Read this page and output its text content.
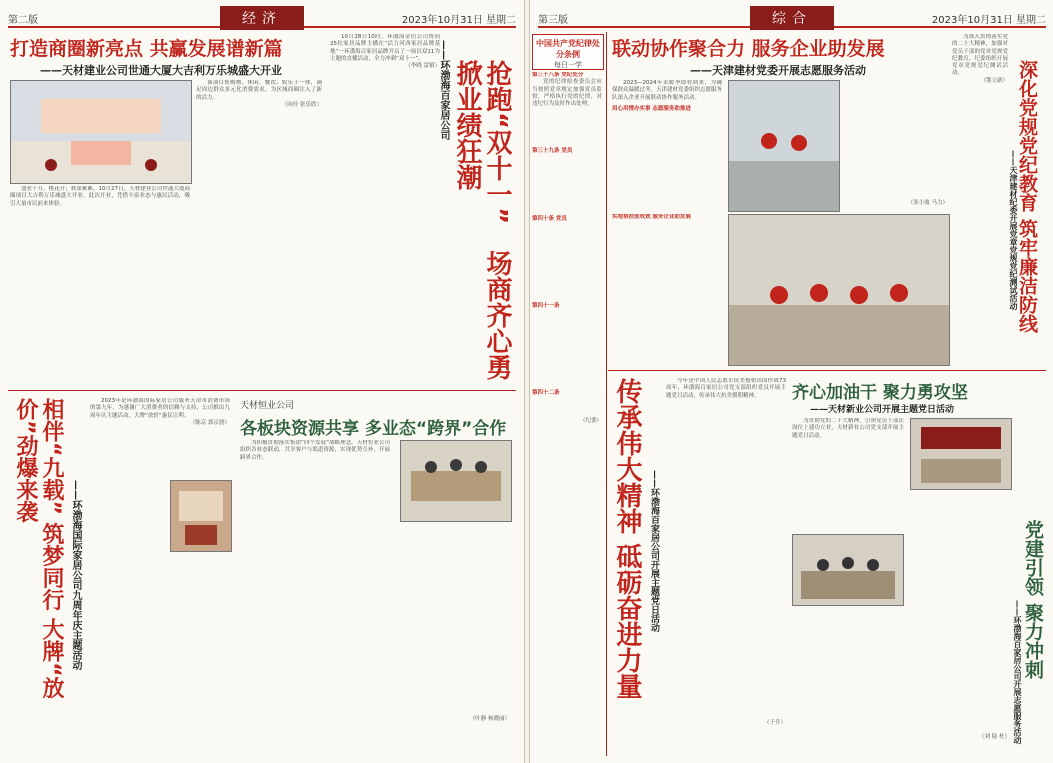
第二版	经济	2023年10月31日 星期二
打造商圈新亮点 共赢发展谱新篇
——天材建业公司世通大厦大吉利万乐城盛大开业
盛业千月，桃花开；秋果累累。10月27日，天材建业公司世通大厦商圈项目大吉利万乐城盛大开业。此次开业，凭借丰富业态与惠民活动，吸引大量市民前来体验。
该项目集购物、休闲、餐饮、娱乐于一体，满足周边群众多元化消费需求，为区域商圈注入了新的活力。
（向玲 张乐欣）
10月28日10时，环渤海金居公司协同25位家居品牌主播在“活力河西家居品牌基地”一环渤海百家居品牌开启了一场以双11为主题的直播活动，全力冲刺“双十一”。
（李晓 雷镇）	抢跑“双十一”　场商齐心勇掀业绩狂潮
——环渤海百家居公司
相伴“九载” 筑梦同行 大牌“放价”劲爆来袭
——环渤海国际家居公司九周年庆主题活动
2023年是环渤海国际家居公司服务天津市消费市场的第九年。为感谢广大消费者的信赖与支持，公司推出九周年庆主题活动，大牌“放价”惠民让利。
（陈京 郭京骁）
天材恒业公司
各板块资源共享 多业态“跨界”合作
为积极贯彻落实集团“四个发展”战略理念，天材恒业公司组织各业态联动，共享客户与渠道资源，实现优势互补，开展跨界合作。
（叶静 杨晓丽）
第三版	综合	2023年10月31日 星期二
中国共产党纪律处分条例
每日一学
第三十八条 党纪处分
党的纪律检查委员会应当按照党章规定加强党员监督，严格执行党的纪律，对违纪行为及时作出处理。
第三十九条 党员
第四十条 党员
第四十一条
第四十二条
（纪委）
联动协作聚合力 服务企业助发展
——天津建材党委开展志愿服务活动
2023—2024年采暖季即将到来，为确保群众温暖过冬，天津建材党委组织志愿服务队深入企业开展联动协作服务活动。
用心用情办实事 志愿服务助推进
实地帮扶创成效 服务企业助发展
（张小波 马力）
为深入贯彻落实党的二十大精神，加强对党员干部的党章党规党纪教育，纪委组织开展党章党规党纪测试活动。
（鄂立新） 深化党规党纪教育 筑牢廉洁防线
——天津建材纪委开展党章党规党纪测试活动
传承伟大精神 砥砺奋进力量 ——环渤海百家居公司开展主题党日活动
今年是中国人民志愿军抗美援朝出国作战73周年，环渤海百家居公司党支部组织党员开展主题党日活动，传承伟大抗美援朝精神。
（于升）
齐心加油干 聚力勇攻坚
——天材新业公司开展主题党日活动
为贯彻党的二十大精神，引领党员干部在岗位上建功立业，天材新业公司党支部开展主题党日活动。
（刘 陆 杜）
党建引领 聚力冲刺
——环渤海百家居公司开展志愿服务活动
